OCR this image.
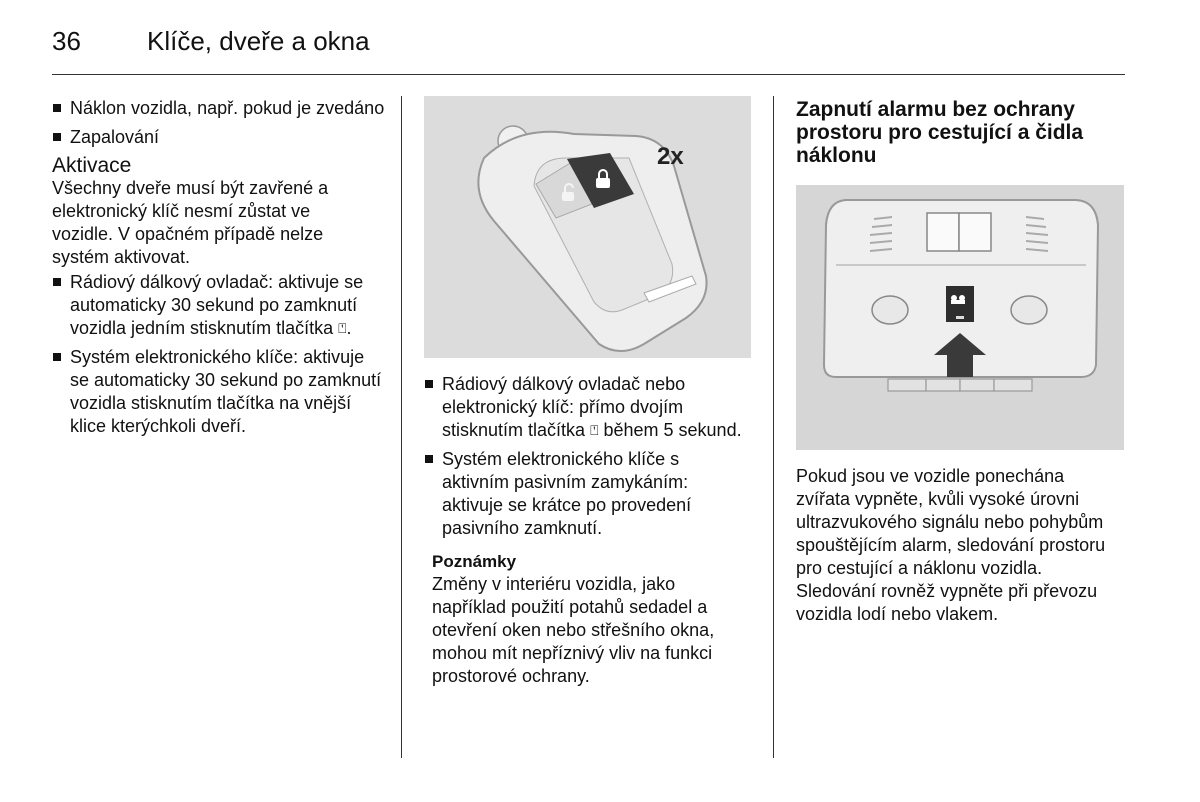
36	Klíče, dveře a okna
Náklon vozidla, např. pokud je zvedáno
Zapalování
Aktivace

Všechny dveře musí být zavřené a elektronický klíč nesmí zůstat ve vozidle. V opačném případě nelze systém aktivovat.

Rádiový dálkový ovladač: aktivuje se automaticky 30 sekund po zamknutí vozidla jedním stisknutím tlačítka ⍞.
Systém elektronického klíče: aktivuje se automaticky 30 sekund po zamknutí vozidla stisknutím tlačítka na vnější klice kterýchkoli dveří.
2x
Rádiový dálkový ovladač nebo elektronický klíč: přímo dvojím stisknutím tlačítka ⍞ během 5 sekund.
Systém elektronického klíče s aktivním pasivním zamykáním: aktivuje se krátce po provedení pasivního zamknutí.
Poznámky

Změny v interiéru vozidla, jako například použití potahů sedadel a otevření oken nebo střešního okna, mohou mít nepříznivý vliv na funkci prostorové ochrany.

Zapnutí alarmu bez ochrany prostoru pro cestující a čidla náklonu

Pokud jsou ve vozidle ponechána zvířata vypněte, kvůli vysoké úrovni ultrazvukového signálu nebo pohybům spouštějícím alarm, sledování prostoru pro cestující a náklonu vozidla. Sledování rovněž vypněte při převozu vozidla lodí nebo vlakem.
